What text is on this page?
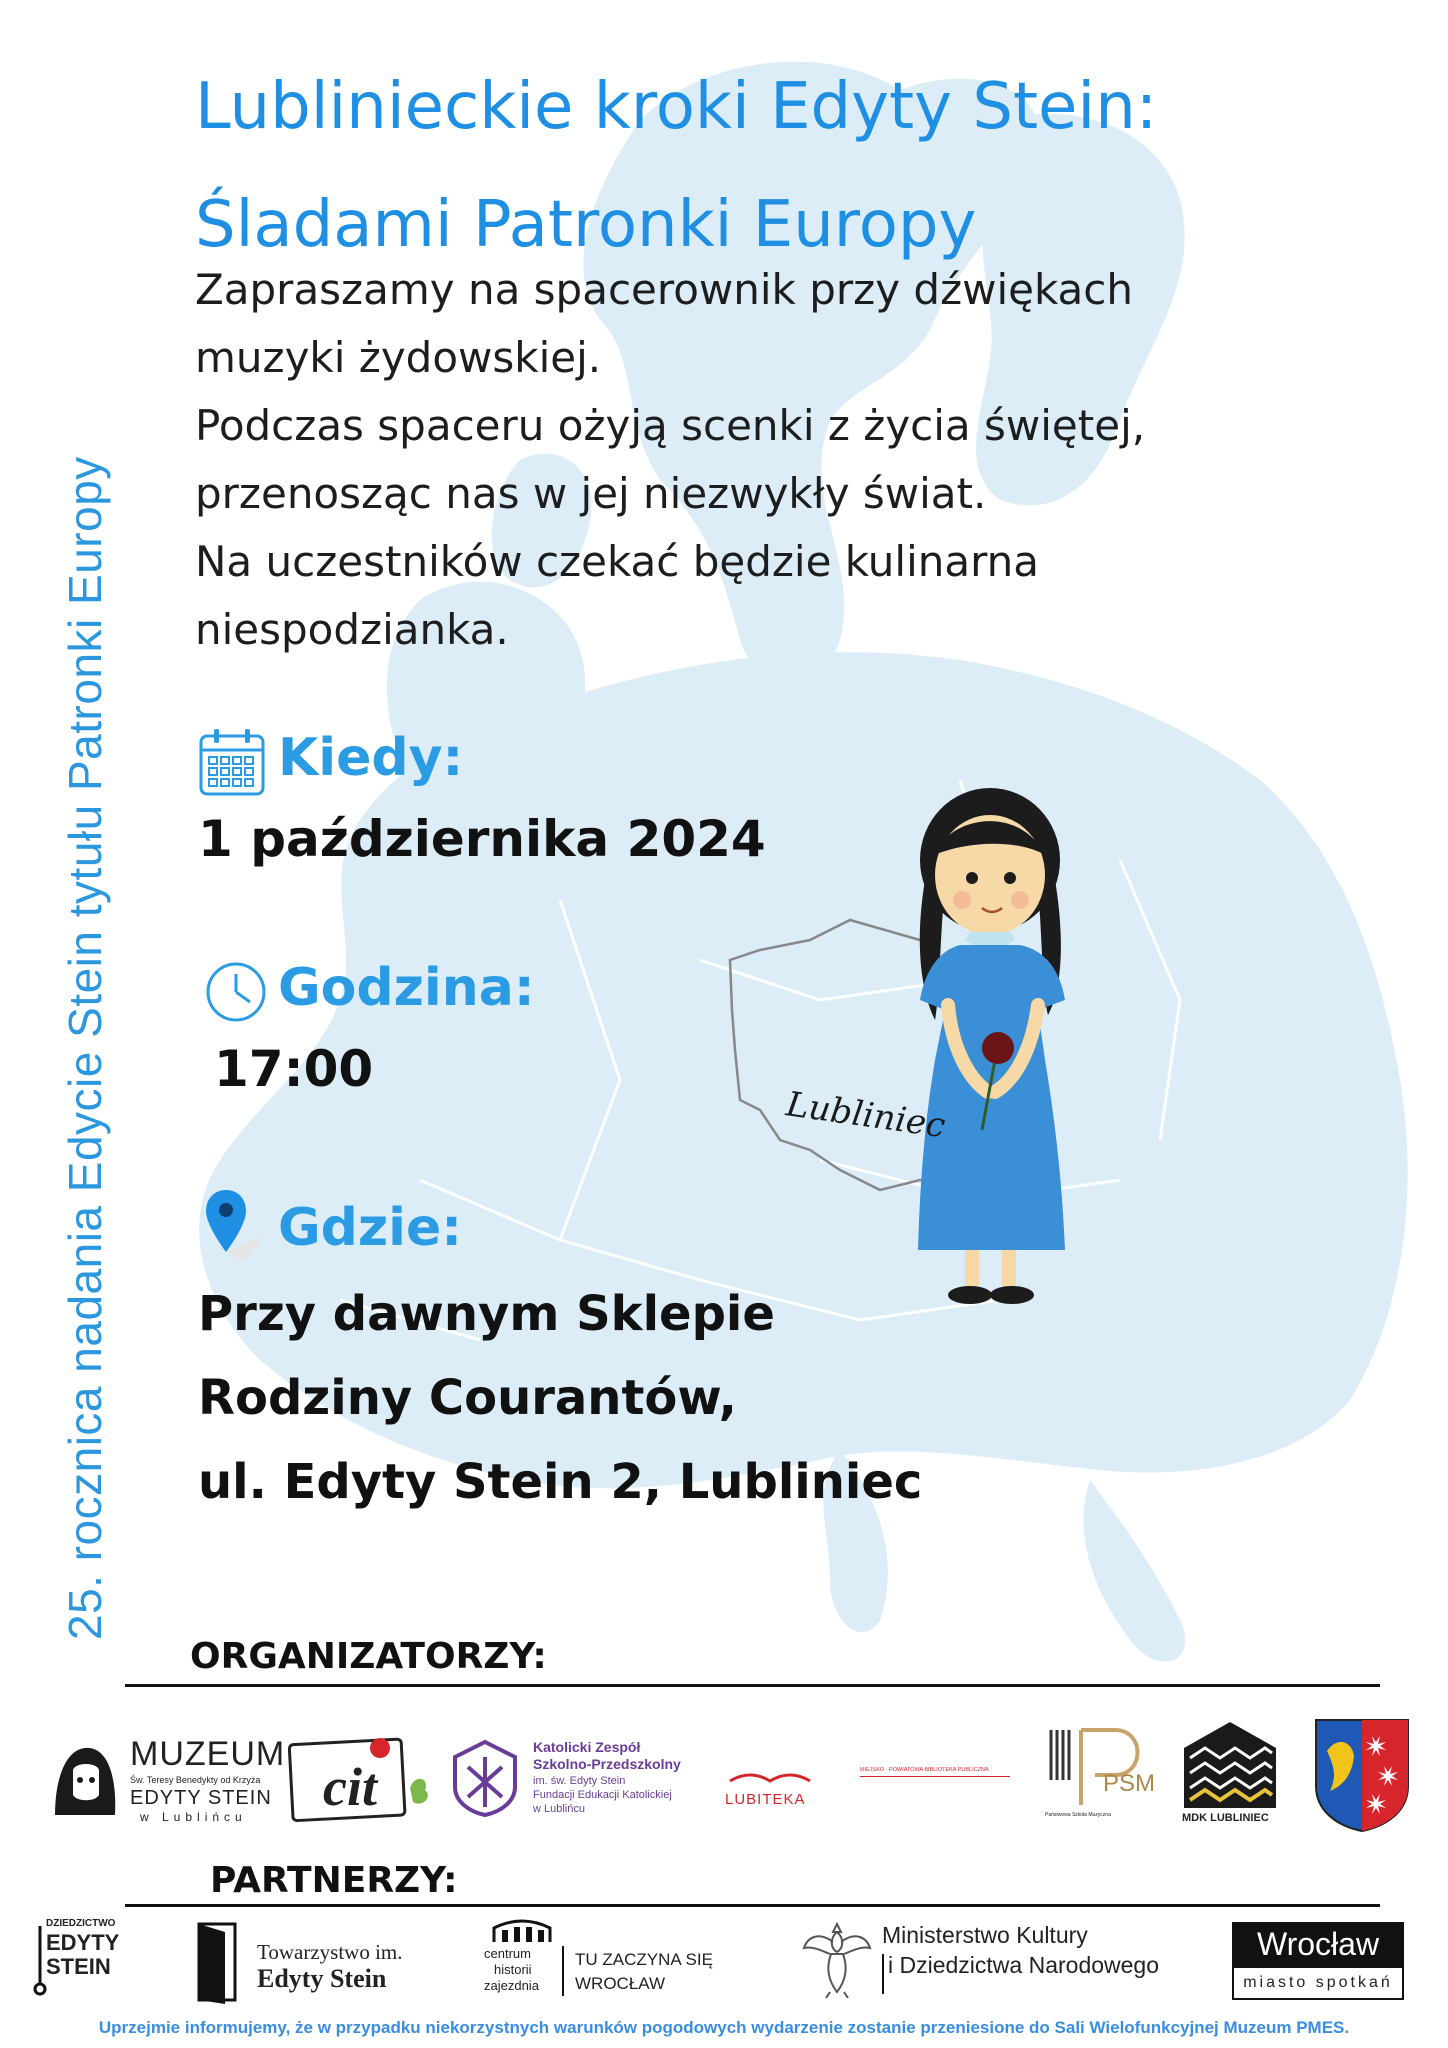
25. rocznica nadania Edycie Stein tytułu Patronki Europy
Lublinieckie kroki Edyty Stein:
Śladami Patronki Europy
Zapraszamy na spacerownik przy dźwiękach
muzyki żydowskiej.
Podczas spaceru ożyją scenki z życia świętej,
przenosząc nas w jej niezwykły świat.
Na uczestników czekać będzie kulinarna
niespodzianka.
Kiedy:
1 października 2024
Godzina:
17:00
Gdzie:
Przy dawnym Sklepie
Rodziny Courantów,
ul. Edyty Stein 2, Lubliniec
Lubliniec
ORGANIZATORZY:
MUZEUM
Św. Teresy Benedykty od Krzyża
EDYTY STEIN
w Lublińcu cit
Katolicki Zespół
Szkolno-Przedszkolny
im. św. Edyty Stein
Fundacji Edukacji Katolickiej
w Lublińcu
LUBITEKA
MIEJSKO - POWIATOWA BIBLIOTEKA PUBLICZNA	PSM
Państwowa Szkoła Muzyczna	MDK LUBLINIEC
PARTNERZY:
DZIEDZICTWO
EDYTY
STEIN
Towarzystwo im.
Edyty Stein
centrum
historii
zajezdnia
TU ZACZYNA SIĘ
WROCŁAW
Ministerstwo Kultury
i Dziedzictwa Narodowego
Wrocław
miasto spotkań
Uprzejmie informujemy, że w przypadku niekorzystnych warunków pogodowych wydarzenie zostanie przeniesione do Sali Wielofunkcyjnej Muzeum PMES.
